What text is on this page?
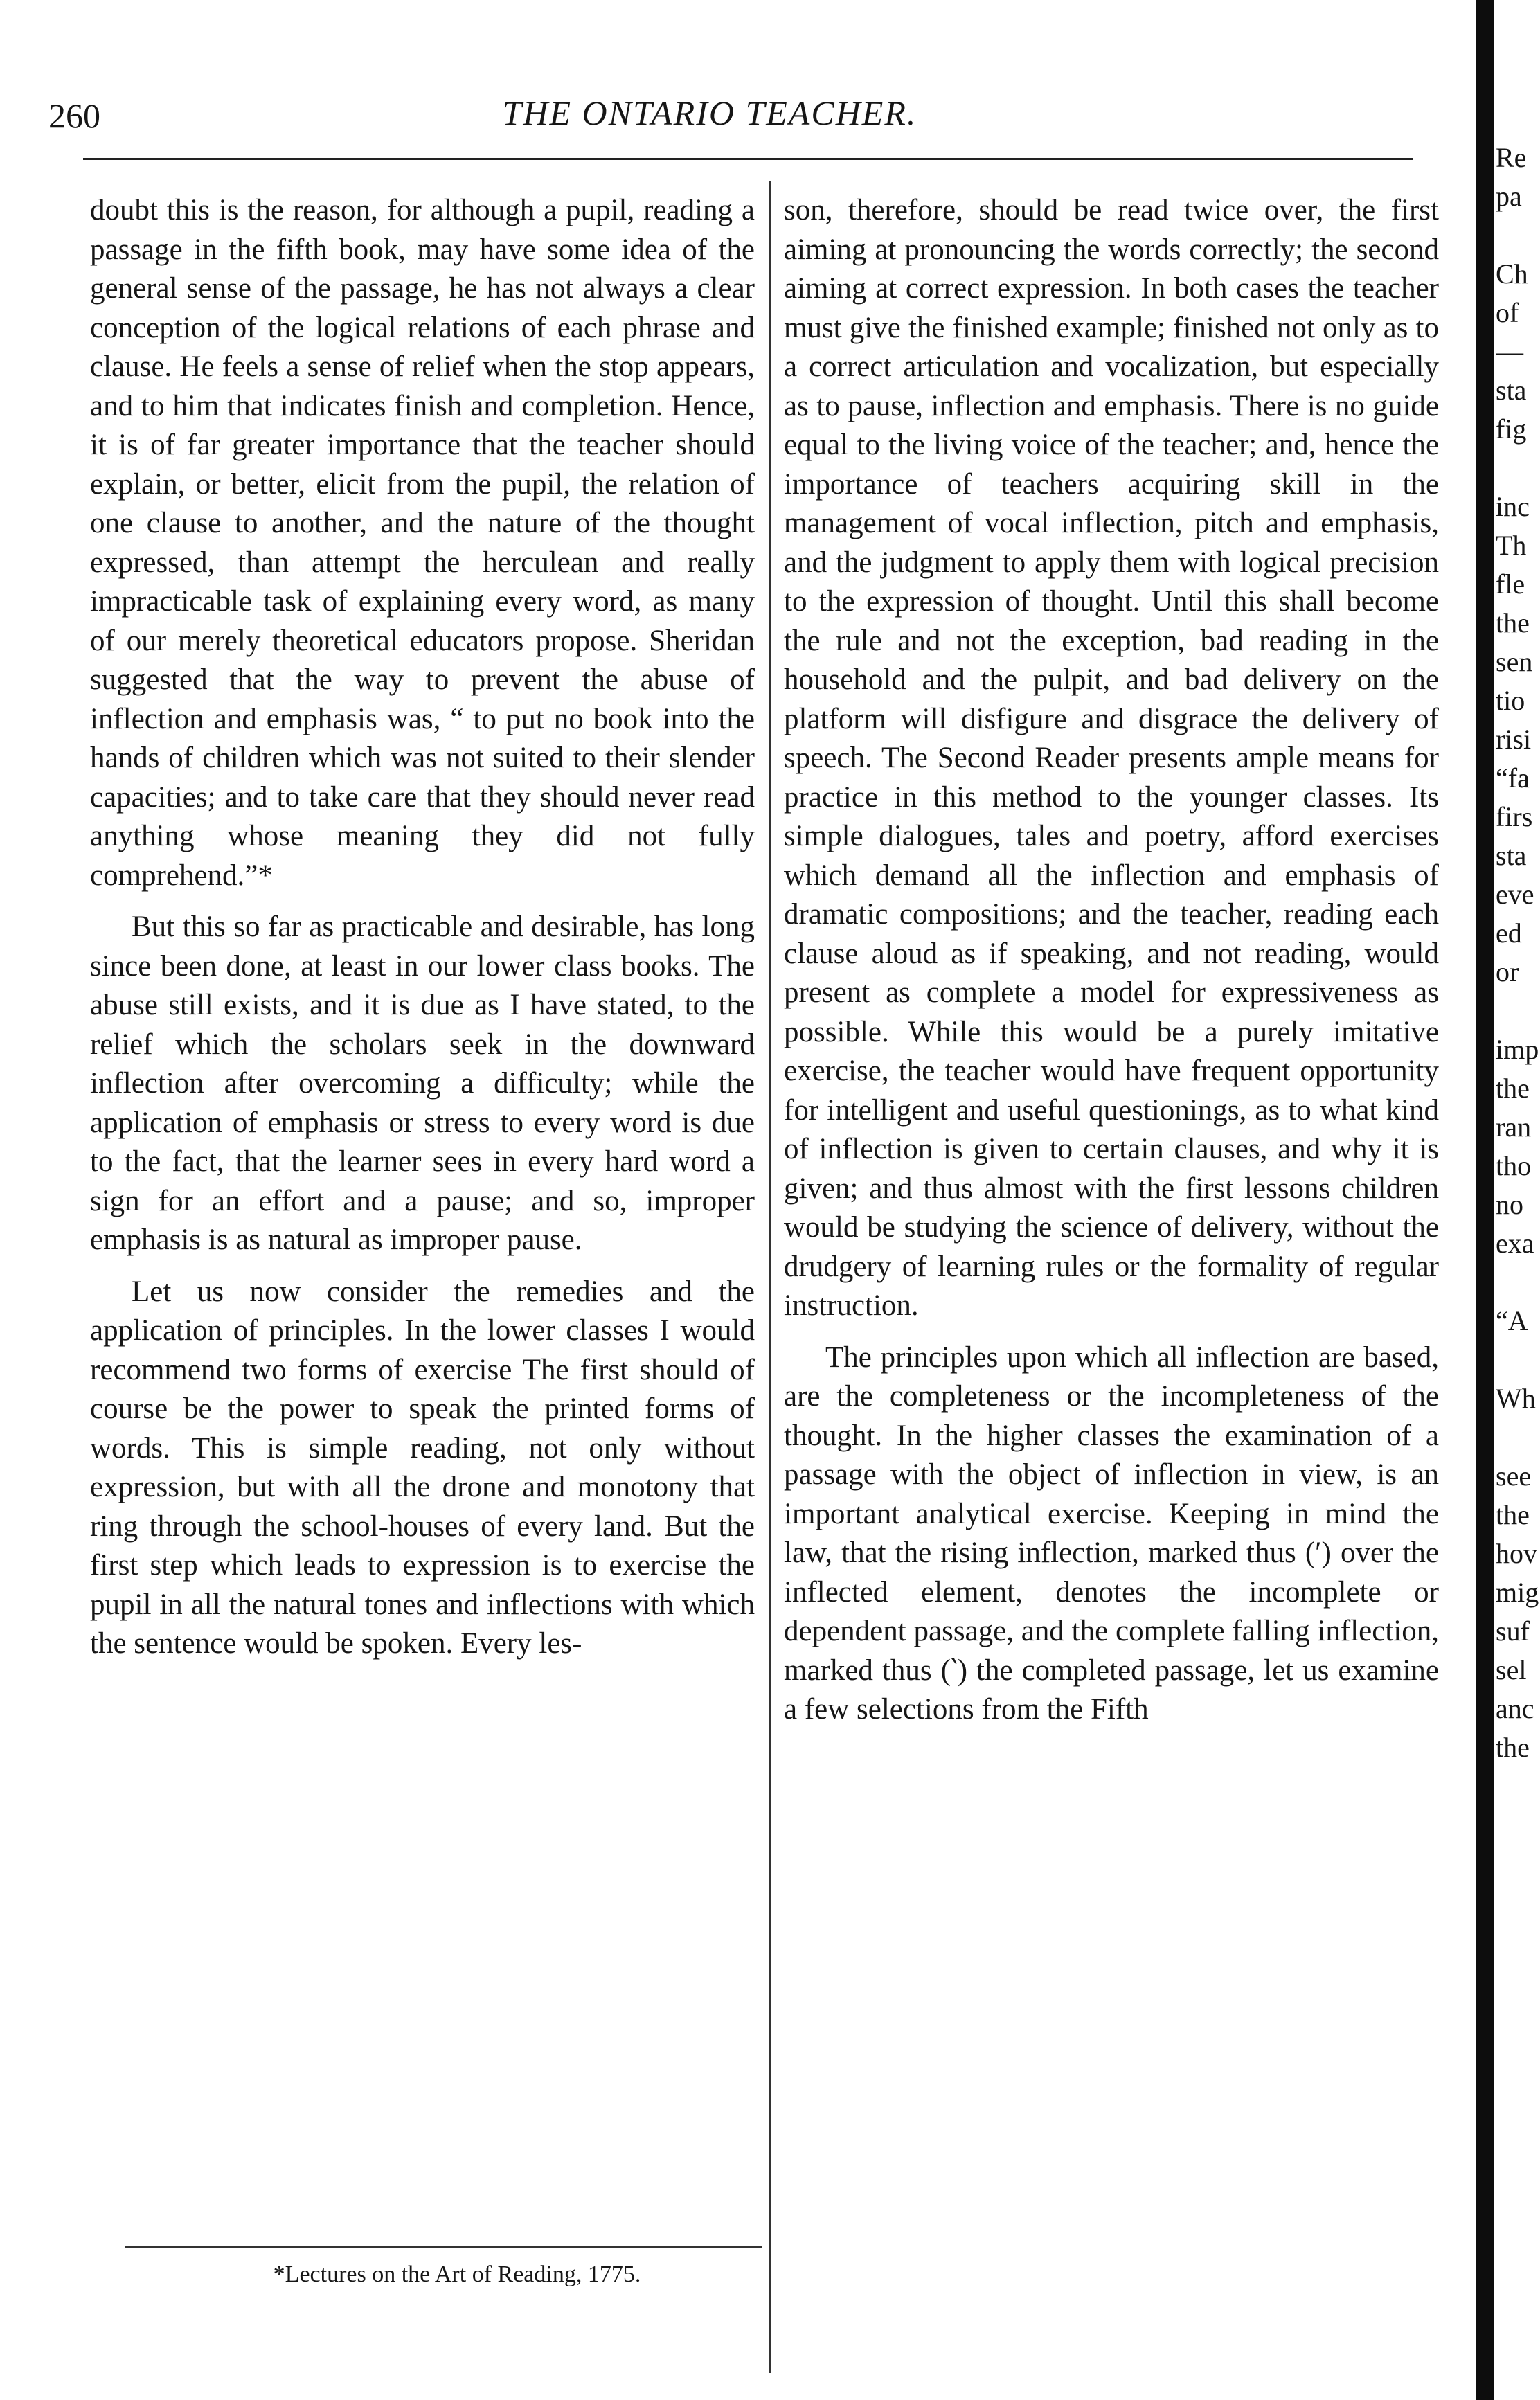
260	THE ONTARIO TEACHER.

doubt this is the reason, for although a pupil, reading a passage in the fifth book, may have some idea of the general sense of the passage, he has not always a clear conception of the logical relations of each phrase and clause. He feels a sense of relief when the stop appears, and to him that indicates finish and completion. Hence, it is of far greater importance that the teacher should explain, or better, elicit from the pupil, the relation of one clause to another, and the nature of the thought expressed, than attempt the herculean and really impracticable task of explaining every word, as many of our merely theoretical educators propose. Sheridan suggested that the way to prevent the abuse of inflection and emphasis was, “ to put no book into the hands of children which was not suited to their slender capacities; and to take care that they should never read anything whose meaning they did not fully comprehend.”*

But this so far as practicable and desirable, has long since been done, at least in our lower class books. The abuse still exists, and it is due as I have stated, to the relief which the scholars seek in the downward inflection after overcoming a difficulty; while the application of emphasis or stress to every word is due to the fact, that the learner sees in every hard word a sign for an effort and a pause; and so, improper emphasis is as natural as improper pause.

Let us now consider the remedies and the application of principles. In the lower classes I would recommend two forms of exercise The first should of course be the power to speak the printed forms of words. This is simple reading, not only without expression, but with all the drone and monotony that ring through the school-houses of every land. But the first step which leads to expression is to exercise the pupil in all the natural tones and inflections with which the sentence would be spoken. Every les-

son, therefore, should be read twice over, the first aiming at pronouncing the words correctly; the second aiming at correct expression. In both cases the teacher must give the finished example; finished not only as to a correct articulation and vocalization, but especially as to pause, inflection and emphasis. There is no guide equal to the living voice of the teacher; and, hence the importance of teachers acquiring skill in the management of vocal inflection, pitch and emphasis, and the judgment to apply them with logical precision to the expression of thought. Until this shall become the rule and not the exception, bad reading in the household and the pulpit, and bad delivery on the platform will disfigure and disgrace the delivery of speech. The Second Reader presents ample means for practice in this method to the younger classes. Its simple dialogues, tales and poetry, afford exercises which demand all the inflection and emphasis of dramatic compositions; and the teacher, reading each clause aloud as if speaking, and not reading, would present as complete a model for expressiveness as possible. While this would be a purely imitative exercise, the teacher would have frequent opportunity for intelligent and useful questionings, as to what kind of inflection is given to certain clauses, and why it is given; and thus almost with the first lessons children would be studying the science of delivery, without the drudgery of learning rules or the formality of regular instruction.

The principles upon which all inflection are based, are the completeness or the incompleteness of the thought. In the higher classes the examination of a passage with the object of inflection in view, is an important analytical exercise. Keeping in mind the law, that the rising inflection, marked thus (′) over the inflected element, denotes the incomplete or dependent passage, and the complete falling inflection, marked thus (‵) the completed passage, let us examine a few selections from the Fifth

*Lectures on the Art of Reading, 1775.
Re
pa
Ch
of
—
sta
fig
inc
Th
fle
the
sen
tio
risi
“fa
firs
sta
eve
ed
or
imp
the
ran
tho
no
exa
“A
Wh
see
the
hov
mig
suf
sel
anc
the
